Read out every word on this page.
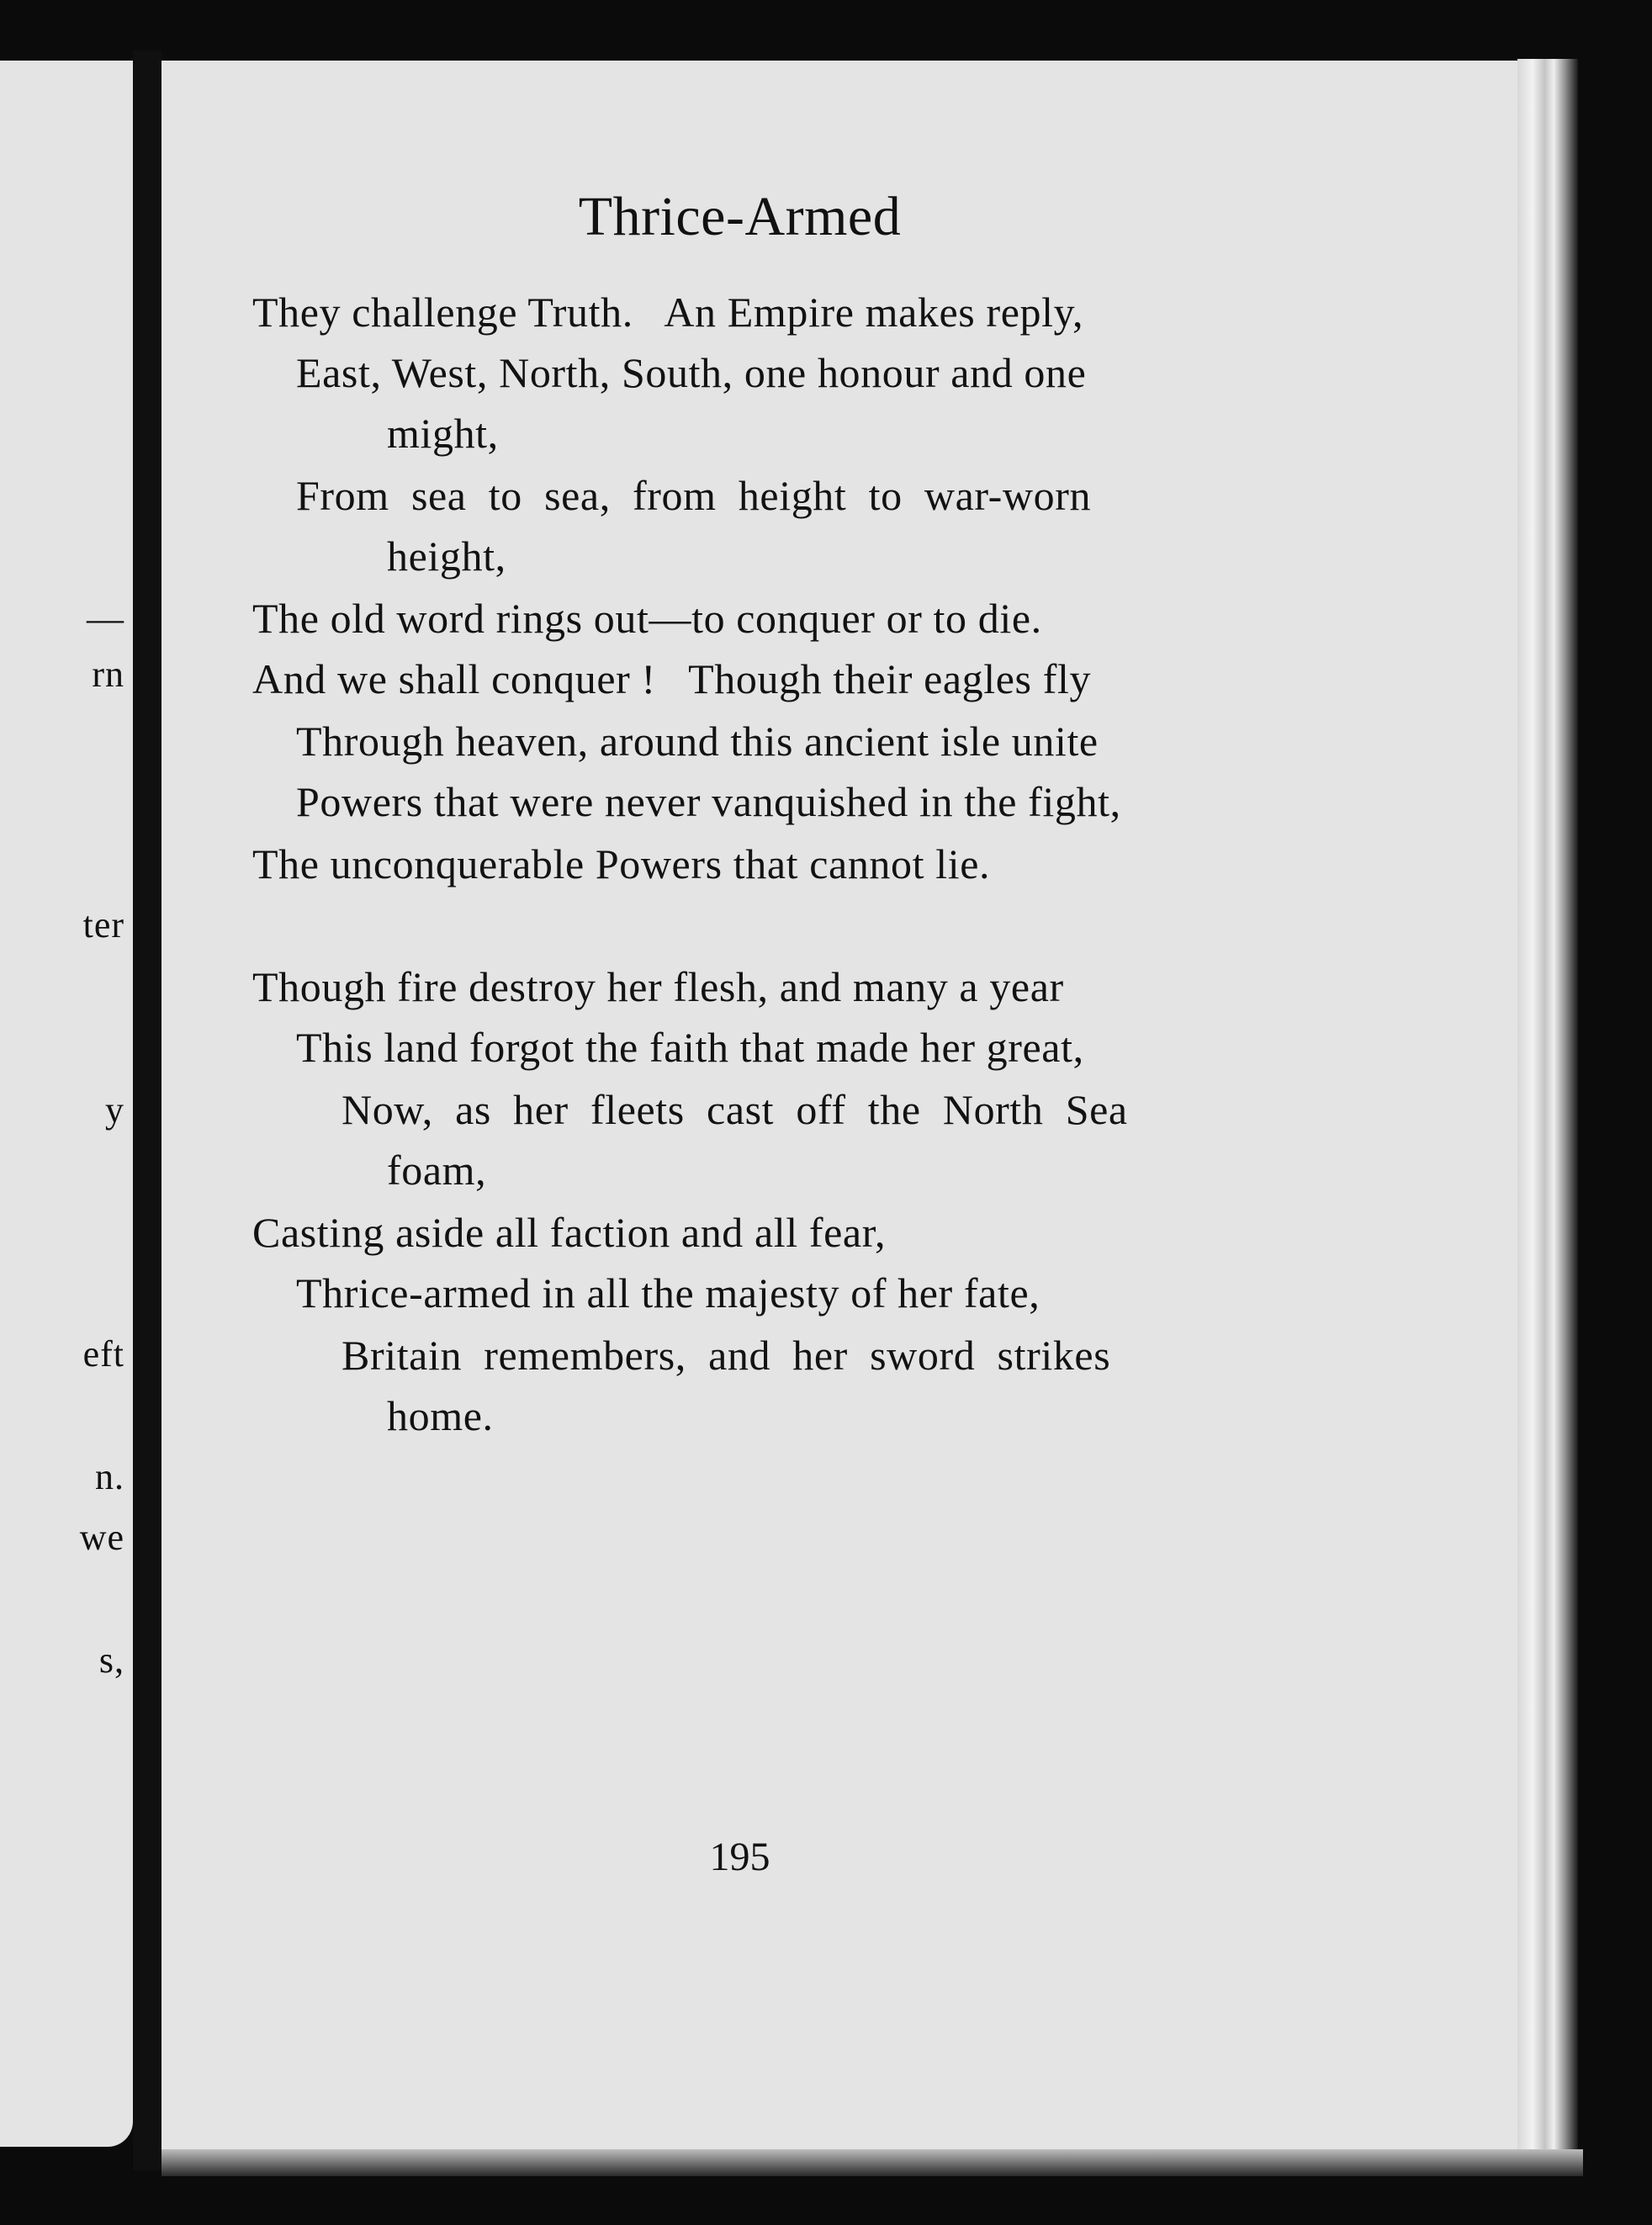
—
rn
ter
y
eft
n.
we
s,
Thrice-Armed
They challenge Truth.   An Empire makes reply,
East, West, North, South, one honour and one
might,
From  sea  to  sea,  from  height  to  war-worn
height,
The old word rings out—to conquer or to die.
And we shall conquer !   Though their eagles fly
Through heaven, around this ancient isle unite
Powers that were never vanquished in the fight,
The unconquerable Powers that cannot lie.
Though fire destroy her flesh, and many a year
This land forgot the faith that made her great,
Now,  as  her  fleets  cast  off  the  North  Sea
foam,
Casting aside all faction and all fear,
Thrice-armed in all the majesty of her fate,
Britain  remembers,  and  her  sword  strikes
home.
195
